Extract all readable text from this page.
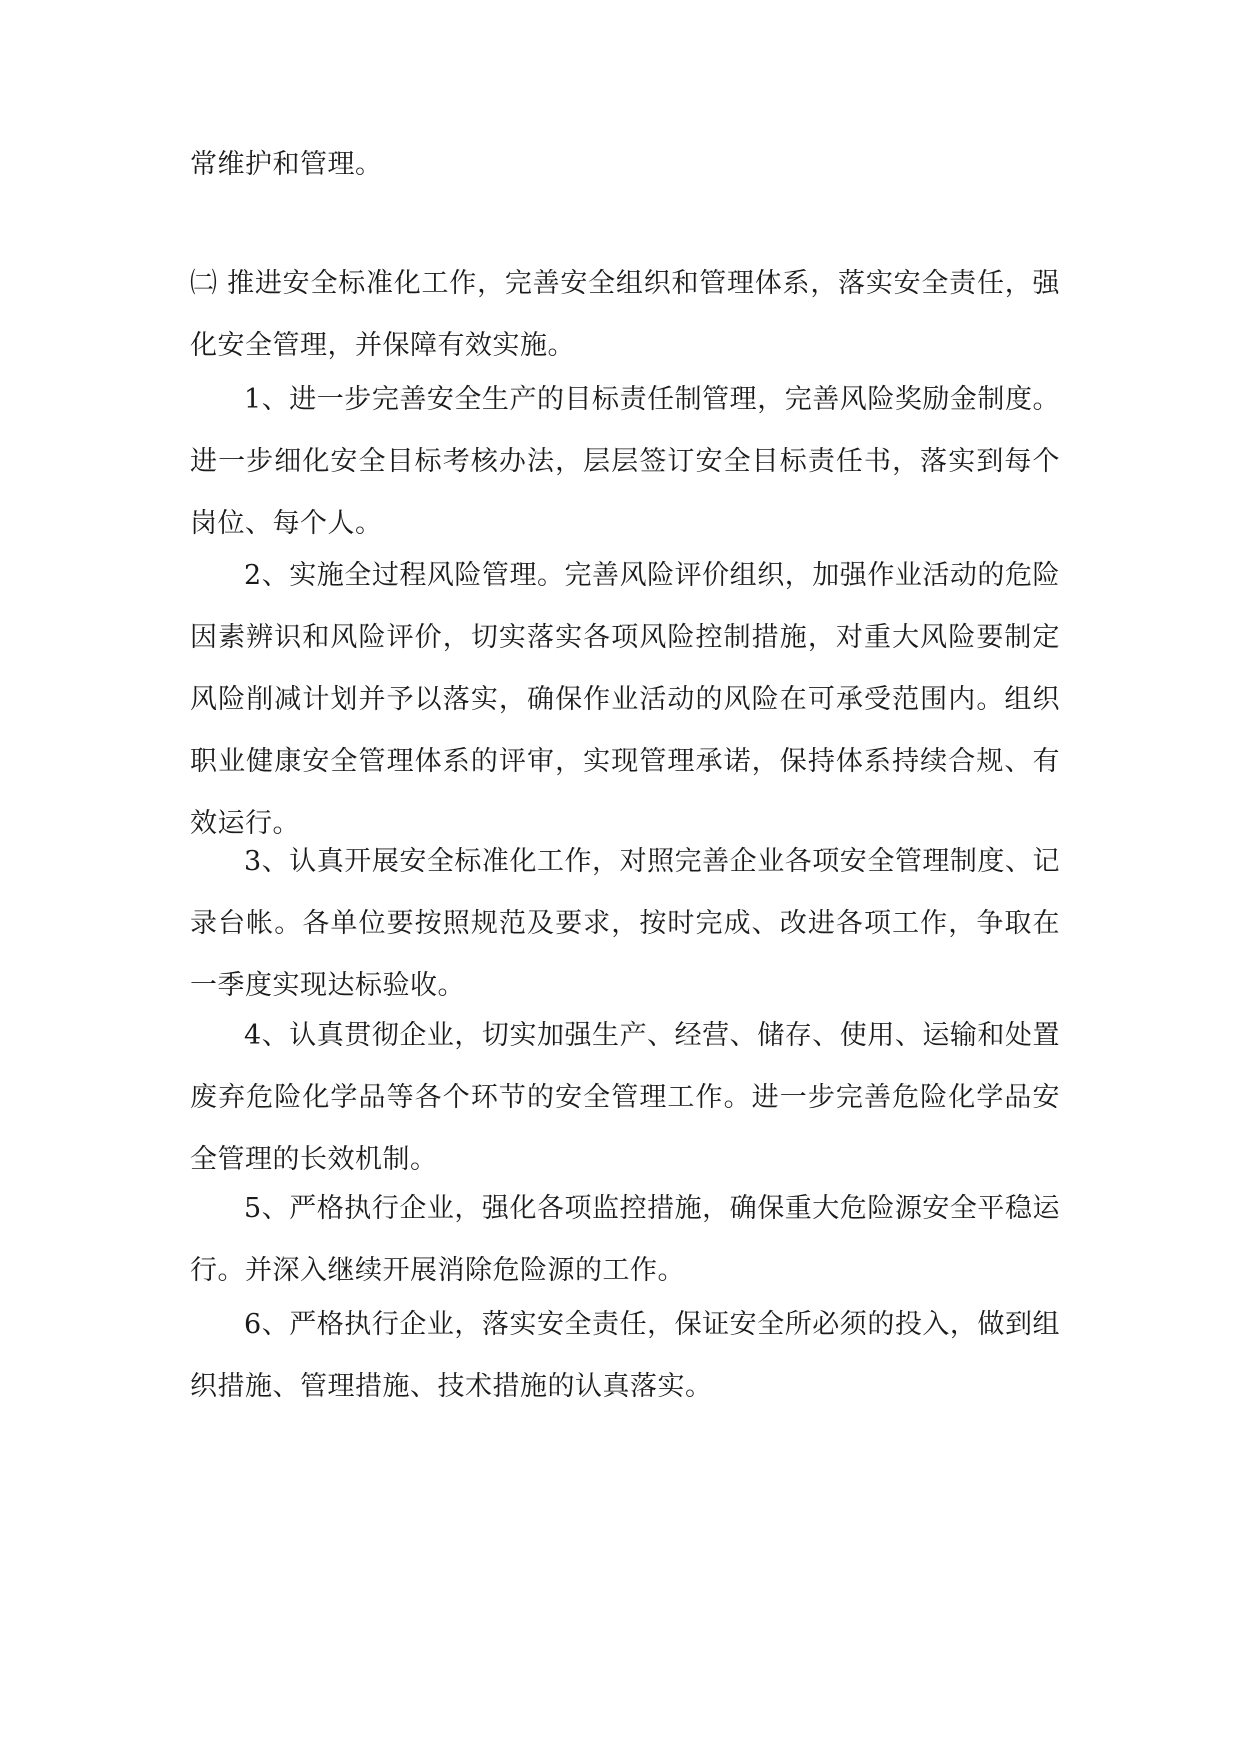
常维护和管理。

㈡ 推进安全标准化工作，完善安全组织和管理体系，落实安全责任，强化安全管理，并保障有效实施。

1、进一步完善安全生产的目标责任制管理，完善风险奖励金制度。进一步细化安全目标考核办法，层层签订安全目标责任书，落实到每个岗位、每个人。

2、实施全过程风险管理。完善风险评价组织，加强作业活动的危险因素辨识和风险评价，切实落实各项风险控制措施，对重大风险要制定风险削减计划并予以落实，确保作业活动的风险在可承受范围内。组织职业健康安全管理体系的评审，实现管理承诺，保持体系持续合规、有效运行。

3、认真开展安全标准化工作，对照完善企业各项安全管理制度、记录台帐。各单位要按照规范及要求，按时完成、改进各项工作，争取在一季度实现达标验收。

4、认真贯彻企业，切实加强生产、经营、储存、使用、运输和处置废弃危险化学品等各个环节的安全管理工作。进一步完善危险化学品安全管理的长效机制。

5、严格执行企业，强化各项监控措施，确保重大危险源安全平稳运行。并深入继续开展消除危险源的工作。

6、严格执行企业，落实安全责任，保证安全所必须的投入，做到组织措施、管理措施、技术措施的认真落实。
